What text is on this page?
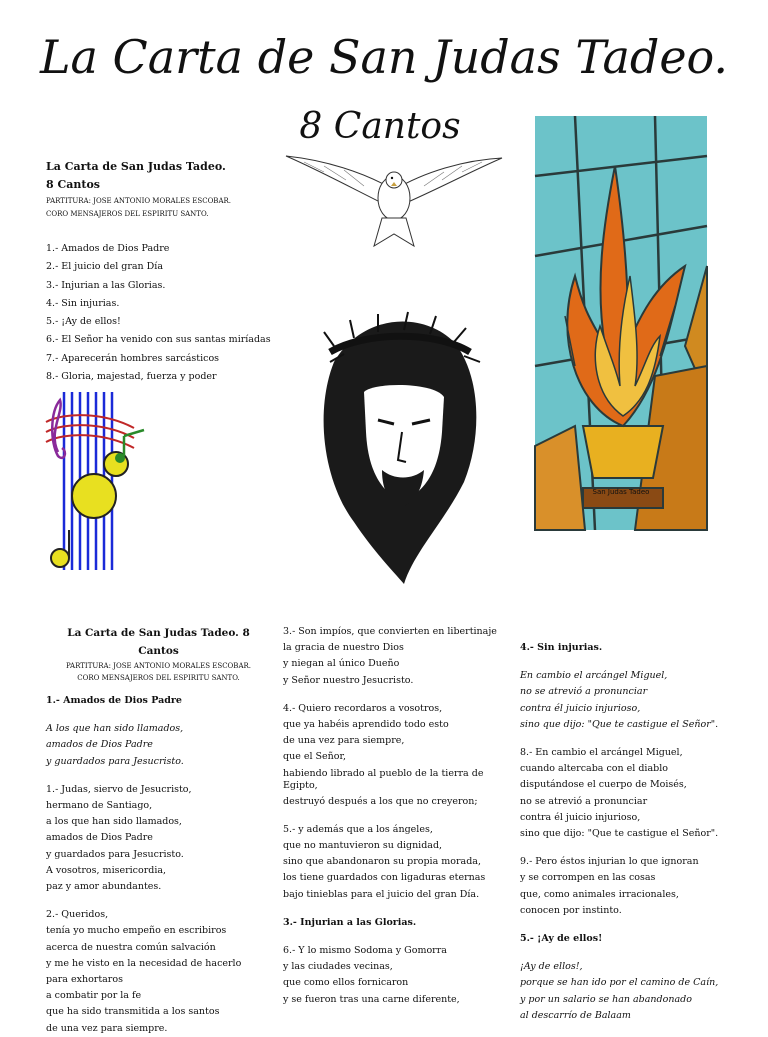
La Carta de San Judas Tadeo.
8 Cantos
La Carta de San Judas Tadeo.
8 Cantos
PARTITURA: JOSE ANTONIO MORALES ESCOBAR.
CORO MENSAJEROS DEL ESPIRITU SANTO.
1.- Amados de Dios Padre
2.- El juicio del gran Día
3.- Injurian a las Glorias.
4.- Sin injurias.
5.- ¡Ay de ellos!
6.- El Señor ha venido con sus santas miríadas
7.- Aparecerán hombres sarcásticos
8.- Gloria, majestad, fuerza y poder
San Judas Tadeo
La Carta de San Judas Tadeo. 8 Cantos
PARTITURA: JOSE ANTONIO MORALES ESCOBAR.
CORO MENSAJEROS DEL ESPIRITU SANTO.
1.- Amados de Dios Padre
A los que han sido llamados,
amados de Dios Padre
y guardados para Jesucristo.
1.- Judas, siervo de Jesucristo,
hermano de Santiago,
a los que han sido llamados,
amados de Dios Padre
y guardados para Jesucristo.
A vosotros, misericordia,
paz y amor abundantes.
2.- Queridos,
tenía yo mucho empeño en escribiros
acerca de nuestra común salvación
y me he visto en la necesidad de hacerlo
para exhortaros
a combatir por la fe
que ha sido transmitida a los santos
de una vez para siempre.
3.- Son impíos, que convierten en libertinaje
la gracia de nuestro Dios
y niegan al único Dueño
y Señor nuestro Jesucristo.
4.- Quiero recordaros a vosotros,
que ya habéis aprendido todo esto
de una vez para siempre,
que el Señor,
habiendo librado al pueblo de la tierra de Egipto,
destruyó después a los que no creyeron;
5.- y además que a los ángeles,
que no mantuvieron su dignidad,
sino que abandonaron su propia morada,
los tiene guardados con ligaduras eternas
bajo tinieblas para el juicio del gran Día.
3.- Injurian a las Glorias.
6.- Y lo mismo Sodoma y Gomorra
y las ciudades vecinas,
que como ellos fornicaron
y se fueron tras una carne diferente,
4.- Sin injurias.
En cambio el arcángel Miguel,
no se atrevió a pronunciar
contra él juicio injurioso,
sino que dijo: "Que te castigue el Señor".
8.- En cambio el arcángel Miguel,
cuando altercaba con el diablo
disputándose el cuerpo de Moisés,
no se atrevió a pronunciar
contra él juicio injurioso,
sino que dijo: "Que te castigue el Señor".
9.- Pero éstos injurian lo que ignoran
y se corrompen en las cosas
que, como animales irracionales,
conocen por instinto.
5.- ¡Ay de ellos!
¡Ay de ellos!,
porque se han ido por el camino de Caín,
y por un salario se han abandonado
al descarrío de Balaam
